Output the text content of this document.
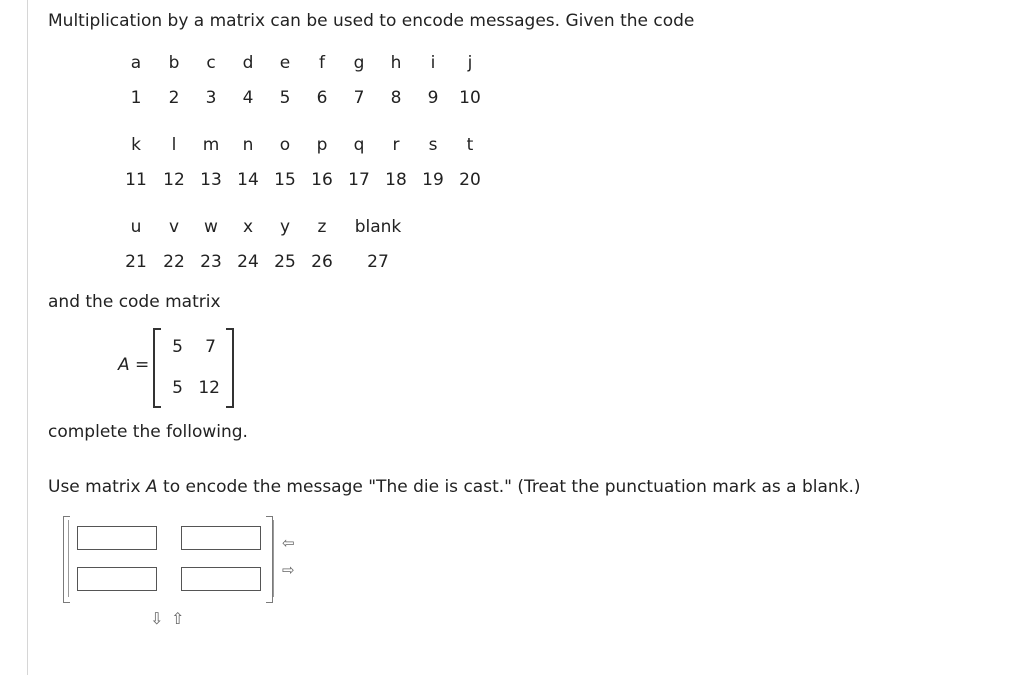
Multiplication by a matrix can be used to encode messages. Given the code
a	b	c	d	e	f	g	h	i	j
1	2	3	4	5	6	7	8	9	10
k	l	m	n	o	p	q	r	s	t
11 12 13 14 15 16 17 18 19 20
u	v	w	x	y	z	blank
21 22 23 24 25 26	27
and the code matrix
A =
5	7
5 12
complete the following.
Use matrix A to encode the message "The die is cast." (Treat the punctuation mark as a blank.)
⇦
⇨
⇩ ⇧
